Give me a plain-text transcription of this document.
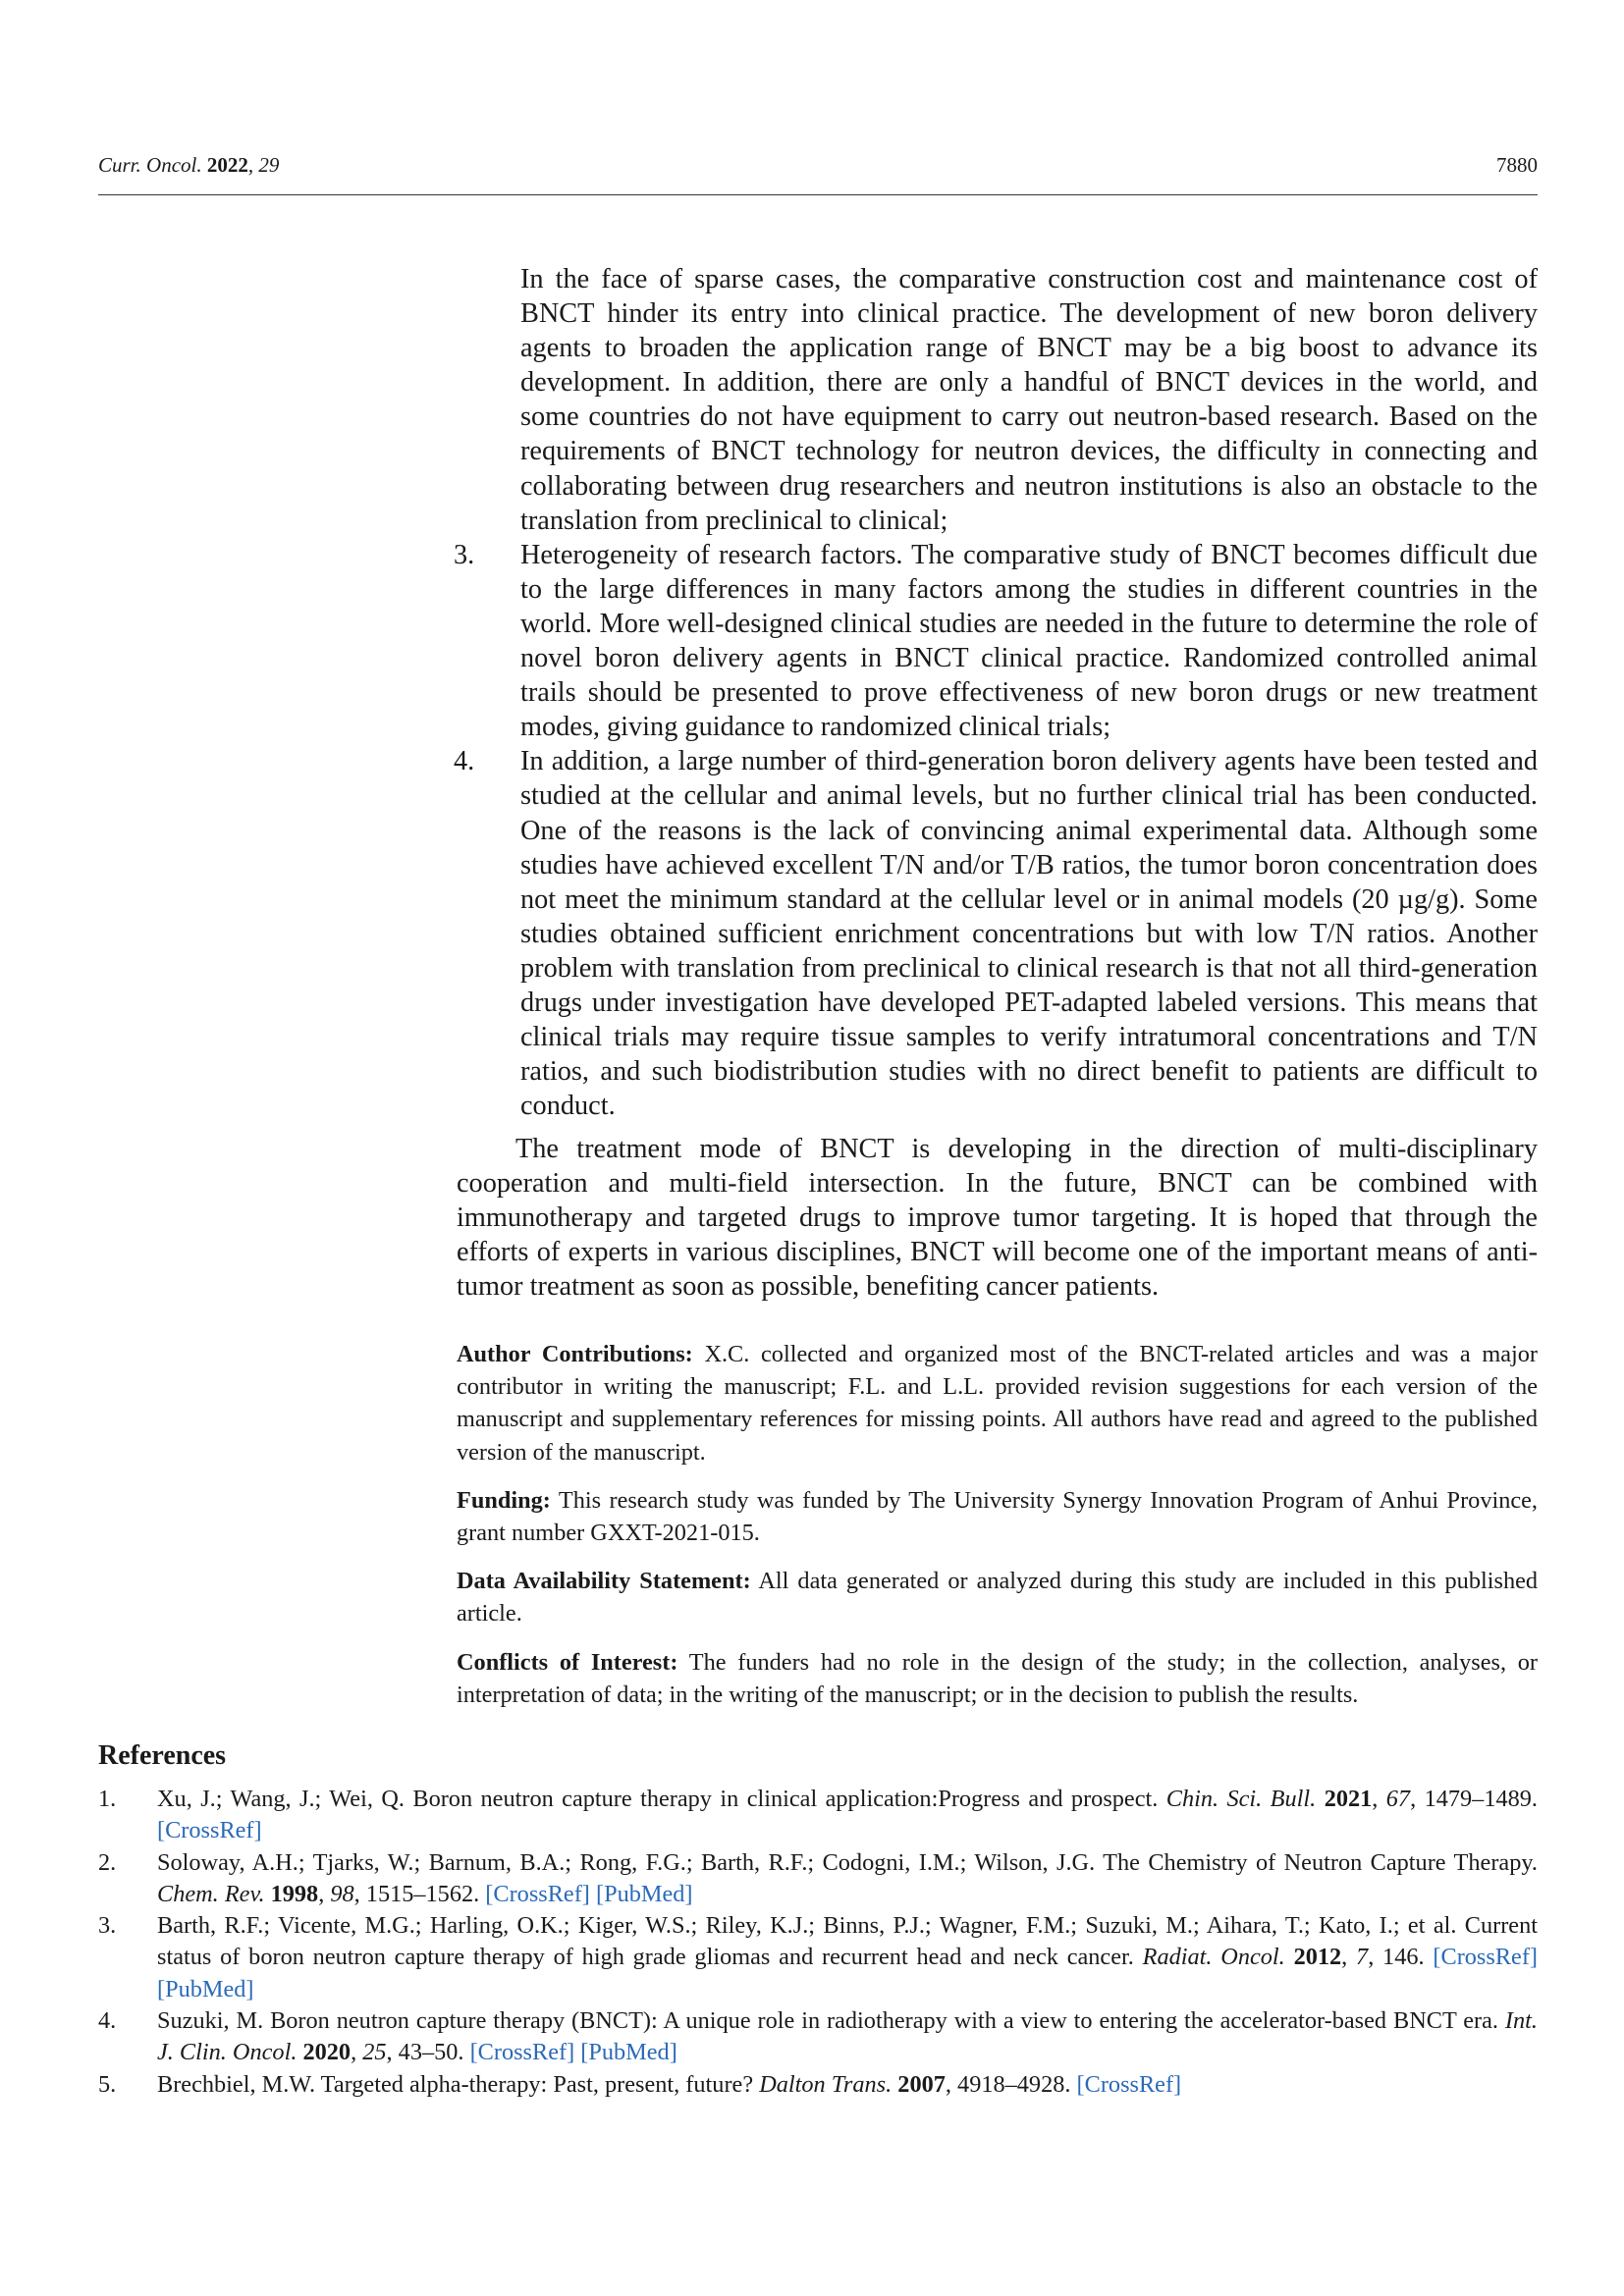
Curr. Oncol. 2022, 29	7880
In the face of sparse cases, the comparative construction cost and maintenance cost of BNCT hinder its entry into clinical practice. The development of new boron delivery agents to broaden the application range of BNCT may be a big boost to advance its development. In addition, there are only a handful of BNCT devices in the world, and some countries do not have equipment to carry out neutron-based research. Based on the requirements of BNCT technology for neutron devices, the difficulty in connecting and collaborating between drug researchers and neutron institutions is also an obstacle to the translation from preclinical to clinical;
3. Heterogeneity of research factors. The comparative study of BNCT becomes difficult due to the large differences in many factors among the studies in different countries in the world. More well-designed clinical studies are needed in the future to determine the role of novel boron delivery agents in BNCT clinical practice. Randomized controlled animal trails should be presented to prove effectiveness of new boron drugs or new treatment modes, giving guidance to randomized clinical trials;
4. In addition, a large number of third-generation boron delivery agents have been tested and studied at the cellular and animal levels, but no further clinical trial has been conducted. One of the reasons is the lack of convincing animal experimental data. Although some studies have achieved excellent T/N and/or T/B ratios, the tumor boron concentration does not meet the minimum standard at the cellular level or in animal models (20 µg/g). Some studies obtained sufficient enrichment concentrations but with low T/N ratios. Another problem with translation from preclinical to clinical research is that not all third-generation drugs under investigation have developed PET-adapted labeled versions. This means that clinical trials may require tissue samples to verify intratumoral concentrations and T/N ratios, and such biodistribution studies with no direct benefit to patients are difficult to conduct.
The treatment mode of BNCT is developing in the direction of multi-disciplinary cooperation and multi-field intersection. In the future, BNCT can be combined with immunotherapy and targeted drugs to improve tumor targeting. It is hoped that through the efforts of experts in various disciplines, BNCT will become one of the important means of anti-tumor treatment as soon as possible, benefiting cancer patients.

Author Contributions: X.C. collected and organized most of the BNCT-related articles and was a major contributor in writing the manuscript; F.L. and L.L. provided revision suggestions for each version of the manuscript and supplementary references for missing points. All authors have read and agreed to the published version of the manuscript.

Funding: This research study was funded by The University Synergy Innovation Program of Anhui Province, grant number GXXT-2021-015.

Data Availability Statement: All data generated or analyzed during this study are included in this published article.

Conflicts of Interest: The funders had no role in the design of the study; in the collection, analyses, or interpretation of data; in the writing of the manuscript; or in the decision to publish the results.

References
1. Xu, J.; Wang, J.; Wei, Q. Boron neutron capture therapy in clinical application:Progress and prospect. Chin. Sci. Bull. 2021, 67, 1479–1489. [CrossRef]
2. Soloway, A.H.; Tjarks, W.; Barnum, B.A.; Rong, F.G.; Barth, R.F.; Codogni, I.M.; Wilson, J.G. The Chemistry of Neutron Capture Therapy. Chem. Rev. 1998, 98, 1515–1562. [CrossRef] [PubMed]
3. Barth, R.F.; Vicente, M.G.; Harling, O.K.; Kiger, W.S.; Riley, K.J.; Binns, P.J.; Wagner, F.M.; Suzuki, M.; Aihara, T.; Kato, I.; et al. Current status of boron neutron capture therapy of high grade gliomas and recurrent head and neck cancer. Radiat. Oncol. 2012, 7, 146. [CrossRef] [PubMed]
4. Suzuki, M. Boron neutron capture therapy (BNCT): A unique role in radiotherapy with a view to entering the accelerator-based BNCT era. Int. J. Clin. Oncol. 2020, 25, 43–50. [CrossRef] [PubMed]
5. Brechbiel, M.W. Targeted alpha-therapy: Past, present, future? Dalton Trans. 2007, 4918–4928. [CrossRef]
